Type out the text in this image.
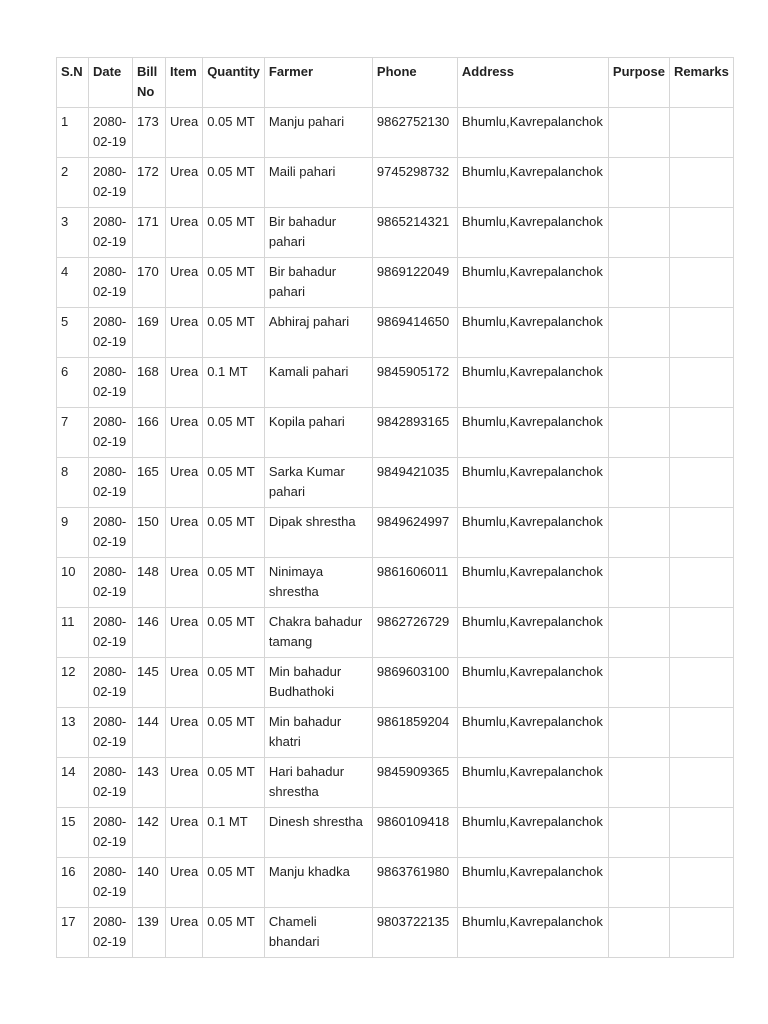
S.N	Date	Bill No	Item	Quantity	Farmer	Phone	Address	Purpose	Remarks
1	2080-02-19	173	Urea	0.05 MT	Manju pahari	9862752130	Bhumlu,Kavrepalanchok		
2	2080-02-19	172	Urea	0.05 MT	Maili pahari	9745298732	Bhumlu,Kavrepalanchok		
3	2080-02-19	171	Urea	0.05 MT	Bir bahadur pahari	9865214321	Bhumlu,Kavrepalanchok		
4	2080-02-19	170	Urea	0.05 MT	Bir bahadur pahari	9869122049	Bhumlu,Kavrepalanchok		
5	2080-02-19	169	Urea	0.05 MT	Abhiraj pahari	9869414650	Bhumlu,Kavrepalanchok		
6	2080-02-19	168	Urea	0.1 MT	Kamali pahari	9845905172	Bhumlu,Kavrepalanchok		
7	2080-02-19	166	Urea	0.05 MT	Kopila pahari	9842893165	Bhumlu,Kavrepalanchok		
8	2080-02-19	165	Urea	0.05 MT	Sarka Kumar pahari	9849421035	Bhumlu,Kavrepalanchok		
9	2080-02-19	150	Urea	0.05 MT	Dipak shrestha	9849624997	Bhumlu,Kavrepalanchok		
10	2080-02-19	148	Urea	0.05 MT	Ninimaya shrestha	9861606011	Bhumlu,Kavrepalanchok		
11	2080-02-19	146	Urea	0.05 MT	Chakra bahadur tamang	9862726729	Bhumlu,Kavrepalanchok		
12	2080-02-19	145	Urea	0.05 MT	Min bahadur Budhathoki	9869603100	Bhumlu,Kavrepalanchok		
13	2080-02-19	144	Urea	0.05 MT	Min bahadur khatri	9861859204	Bhumlu,Kavrepalanchok		
14	2080-02-19	143	Urea	0.05 MT	Hari bahadur shrestha	9845909365	Bhumlu,Kavrepalanchok		
15	2080-02-19	142	Urea	0.1 MT	Dinesh shrestha	9860109418	Bhumlu,Kavrepalanchok		
16	2080-02-19	140	Urea	0.05 MT	Manju khadka	9863761980	Bhumlu,Kavrepalanchok		
17	2080-02-19	139	Urea	0.05 MT	Chameli bhandari	9803722135	Bhumlu,Kavrepalanchok		
